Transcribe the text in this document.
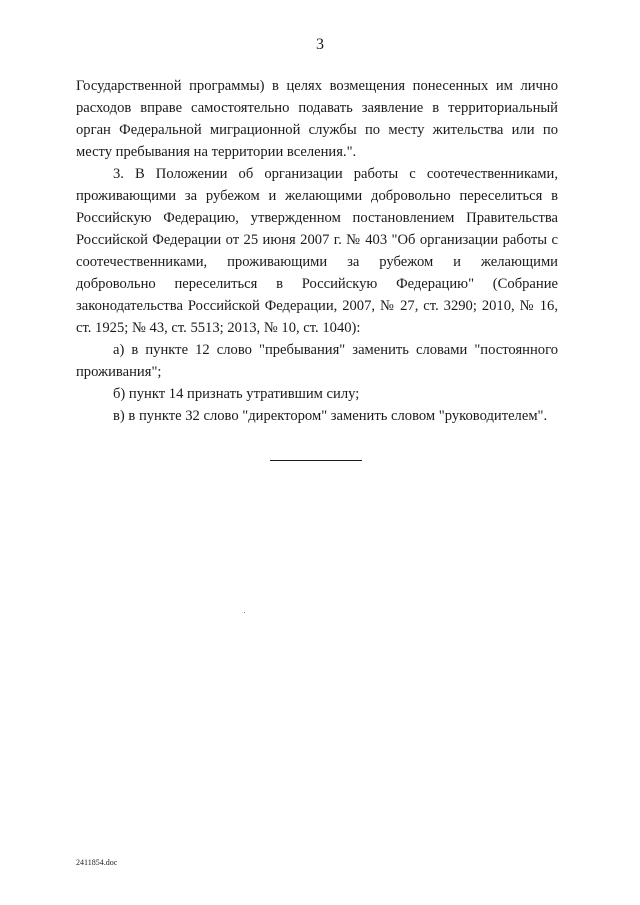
3

Государственной программы) в целях возмещения понесенных им лично расходов вправе самостоятельно подавать заявление в территориальный орган Федеральной миграционной службы по месту жительства или по месту пребывания на территории вселения.".

3. В Положении об организации работы с соотечественниками, проживающими за рубежом и желающими добровольно переселиться в Российскую Федерацию, утвержденном постановлением Правительства Российской Федерации от 25 июня 2007 г. № 403 "Об организации работы с соотечественниками, проживающими за рубежом и желающими добровольно переселиться в Российскую Федерацию" (Собрание законодательства Российской Федерации, 2007, № 27, ст. 3290; 2010, № 16, ст. 1925; № 43, ст. 5513; 2013, № 10, ст. 1040):

а) в пункте 12 слово "пребывания" заменить словами "постоянного проживания";

б) пункт 14 признать утратившим силу;

в) в пункте 32 слово "директором" заменить словом "руководителем".

2411854.doc
